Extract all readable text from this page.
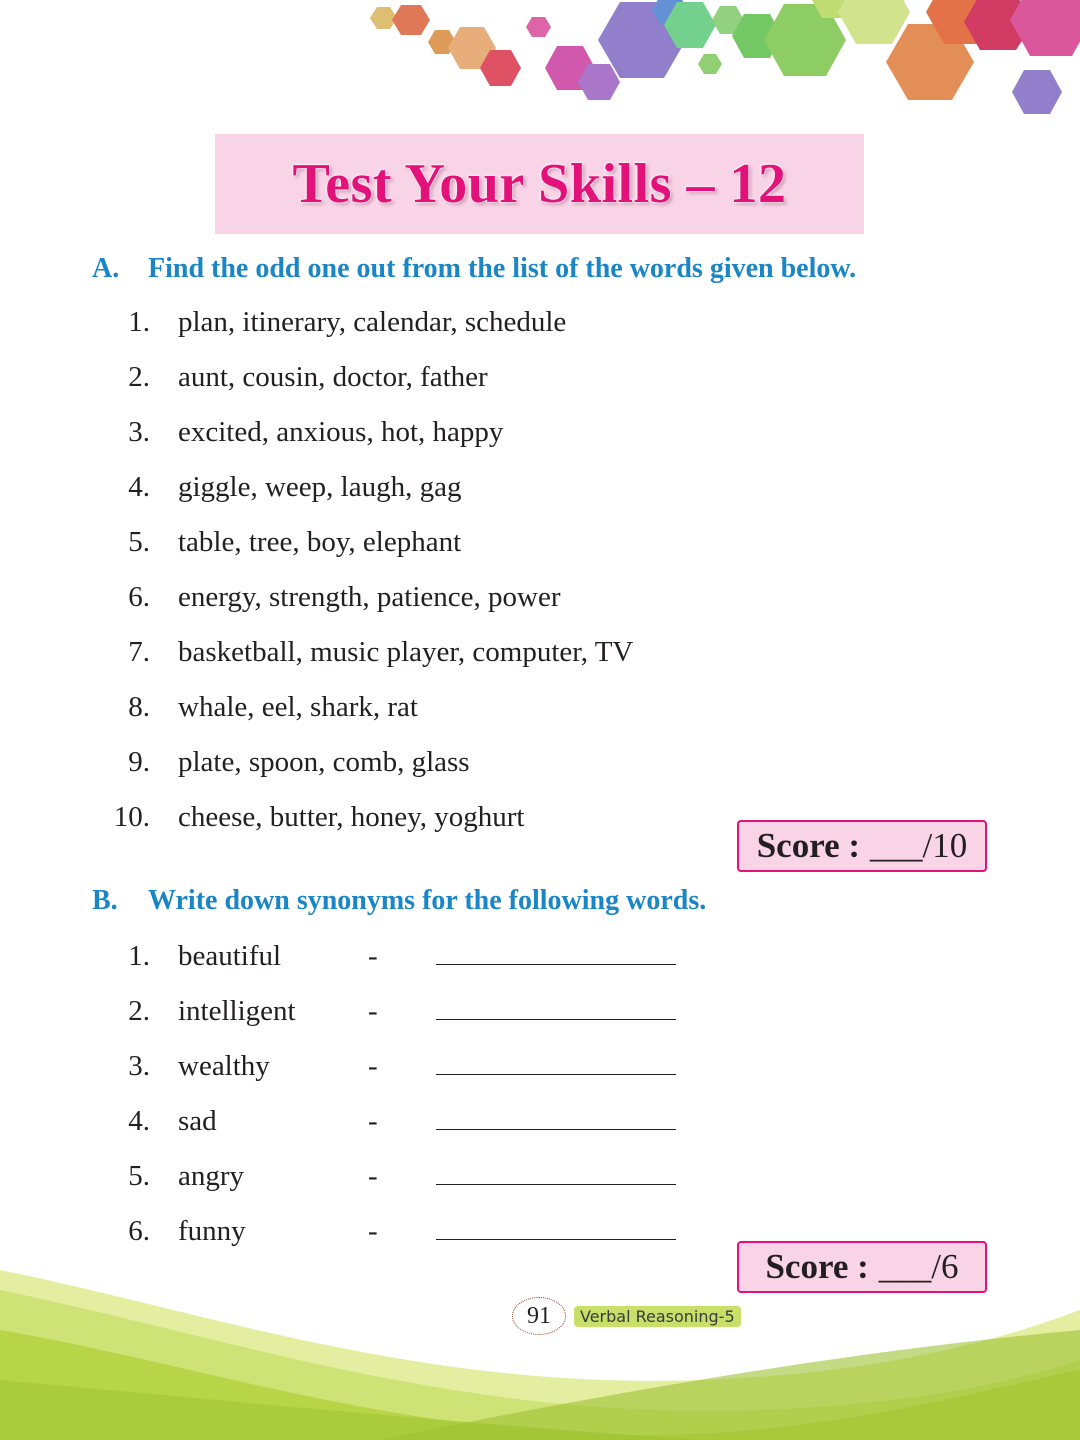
Test Your Skills – 12
A.	Find the odd one out from the list of the words given below.
1. plan, itinerary, calendar, schedule
2. aunt, cousin, doctor, father
3. excited, anxious, hot, happy
4. giggle, weep, laugh, gag
5. table, tree, boy, elephant
6. energy, strength, patience, power
7. basketball, music player, computer, TV
8. whale, eel, shark, rat
9. plate, spoon, comb, glass
10. cheese, butter, honey, yoghurt
Score : ___/10
B.	Write down synonyms for the following words.
1. beautiful	-
2. intelligent	-
3. wealthy	-
4. sad	-
5. angry	-
6. funny	-
Score : ___/6
91	Verbal Reasoning-5
